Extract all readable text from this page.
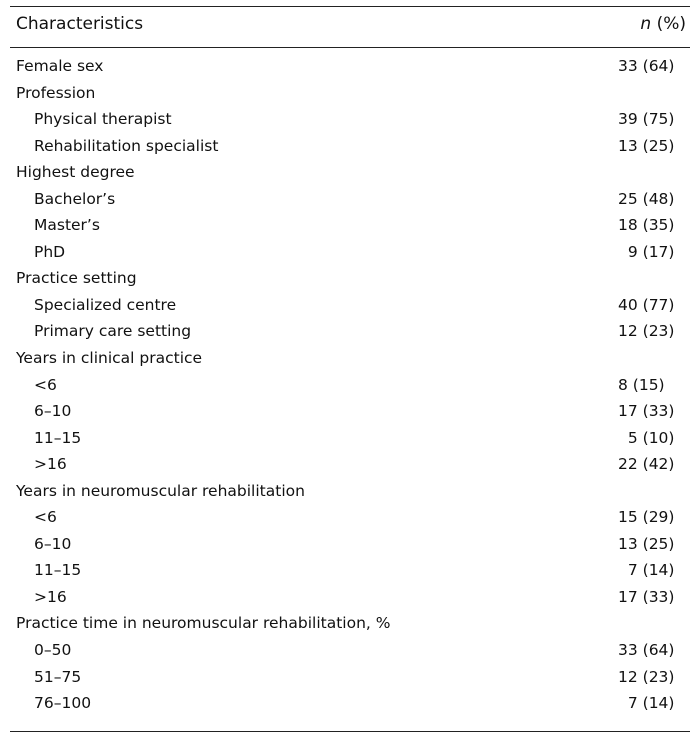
Characteristics	n (%)
Female sex	33 (64)
Profession
Physical therapist	39 (75)
Rehabilitation specialist	13 (25)
Highest degree
Bachelor’s	25 (48)
Master’s	18 (35)
PhD	9 (17)
Practice setting
Specialized centre	40 (77)
Primary care setting	12 (23)
Years in clinical practice
<6	8 (15)
6–10	17 (33)
11–15	5 (10)
>16	22 (42)
Years in neuromuscular rehabilitation
<6	15 (29)
6–10	13 (25)
11–15	7 (14)
>16	17 (33)
Practice time in neuromuscular rehabilitation, %
0–50	33 (64)
51–75	12 (23)
76–100	7 (14)
